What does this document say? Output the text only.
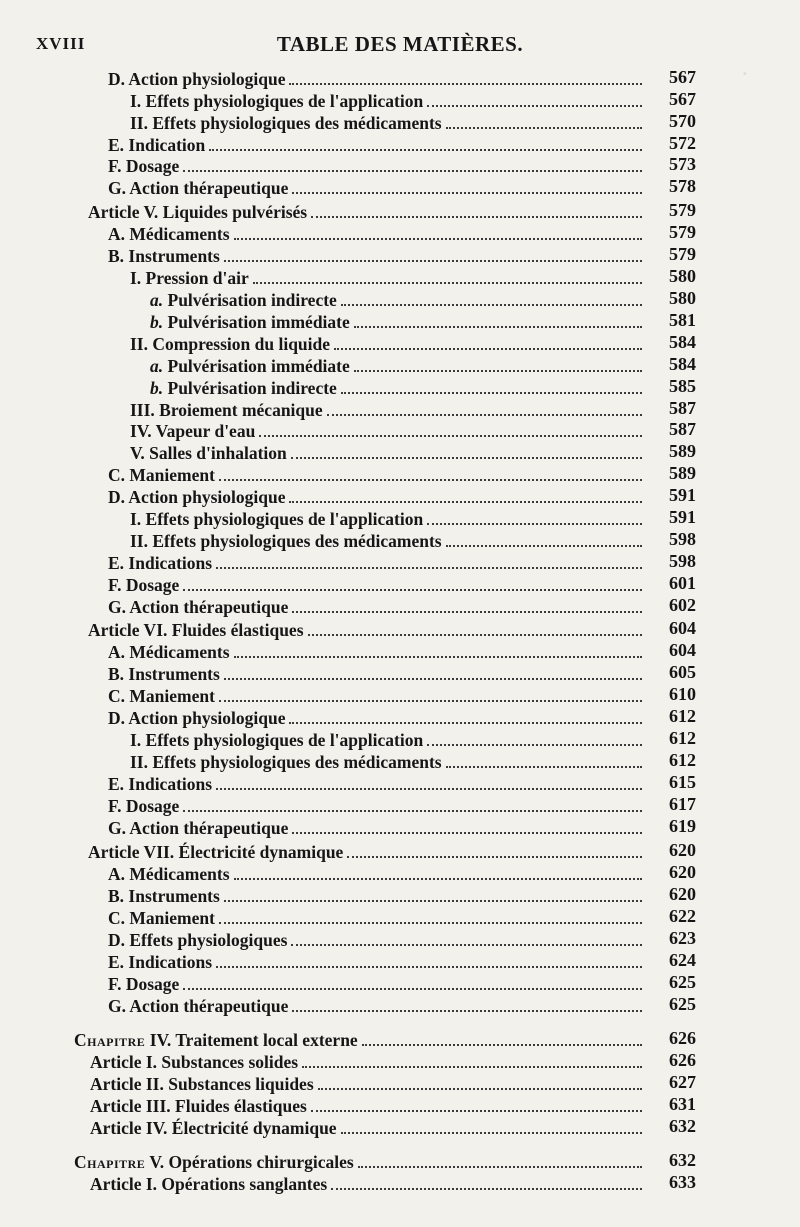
XVIII	TABLE DES MATIÈRES.
D. Action physiologique	567
I. Effets physiologiques de l'application	567
II. Effets physiologiques des médicaments	570
E. Indication	572
F. Dosage	573
G. Action thérapeutique	578
Article V. Liquides pulvérisés	579
A. Médicaments	579
B. Instruments	579
I. Pression d'air	580
a. Pulvérisation indirecte	580
b. Pulvérisation immédiate	581
II. Compression du liquide	584
a. Pulvérisation immédiate	584
b. Pulvérisation indirecte	585
III. Broiement mécanique	587
IV. Vapeur d'eau	587
V. Salles d'inhalation	589
C. Maniement	589
D. Action physiologique	591
I. Effets physiologiques de l'application	591
II. Effets physiologiques des médicaments	598
E. Indications	598
F. Dosage	601
G. Action thérapeutique	602
Article VI. Fluides élastiques	604
A. Médicaments	604
B. Instruments	605
C. Maniement	610
D. Action physiologique	612
I. Effets physiologiques de l'application	612
II. Effets physiologiques des médicaments	612
E. Indications	615
F. Dosage	617
G. Action thérapeutique	619
Article VII. Électricité dynamique	620
A. Médicaments	620
B. Instruments	620
C. Maniement	622
D. Effets physiologiques	623
E. Indications	624
F. Dosage	625
G. Action thérapeutique	625
Chapitre IV. Traitement local externe	626
Article I. Substances solides	626
Article II. Substances liquides	627
Article III. Fluides élastiques	631
Article IV. Électricité dynamique	632
Chapitre V. Opérations chirurgicales	632
Article I. Opérations sanglantes	633
·
